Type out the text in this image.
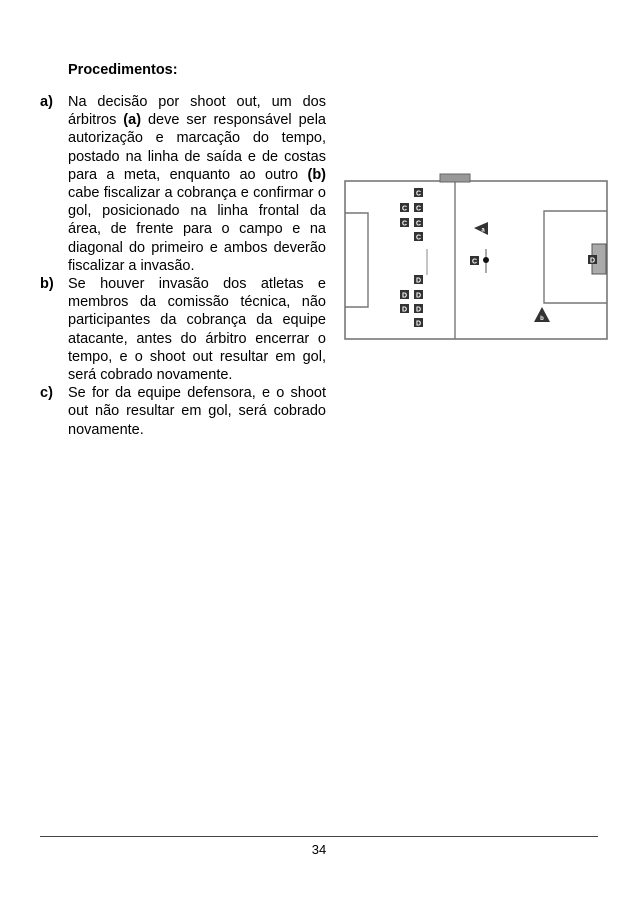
Procedimentos:

a) Na decisão por shoot out, um dos árbitros (a) deve ser responsável pela autorização e marcação do tempo, postado na linha de saída e de costas para a meta, enquanto ao outro (b) cabe fiscalizar a cobrança e confirmar o gol, posicionado na linha frontal da área, de frente para o campo e na diagonal do primeiro e ambos deverão fiscalizar a invasão.

b) Se houver invasão dos atletas e membros da comissão técnica, não participantes da cobrança da equipe atacante, antes do árbitro encerrar o tempo, e o shoot out resultar em gol, será cobrado novamente.

c) Se for da equipe defensora, e o shoot out não resultar em gol, será cobrado novamente.

D
C
C C
C C
C
D
D D
D D
D
a
C
b
34
